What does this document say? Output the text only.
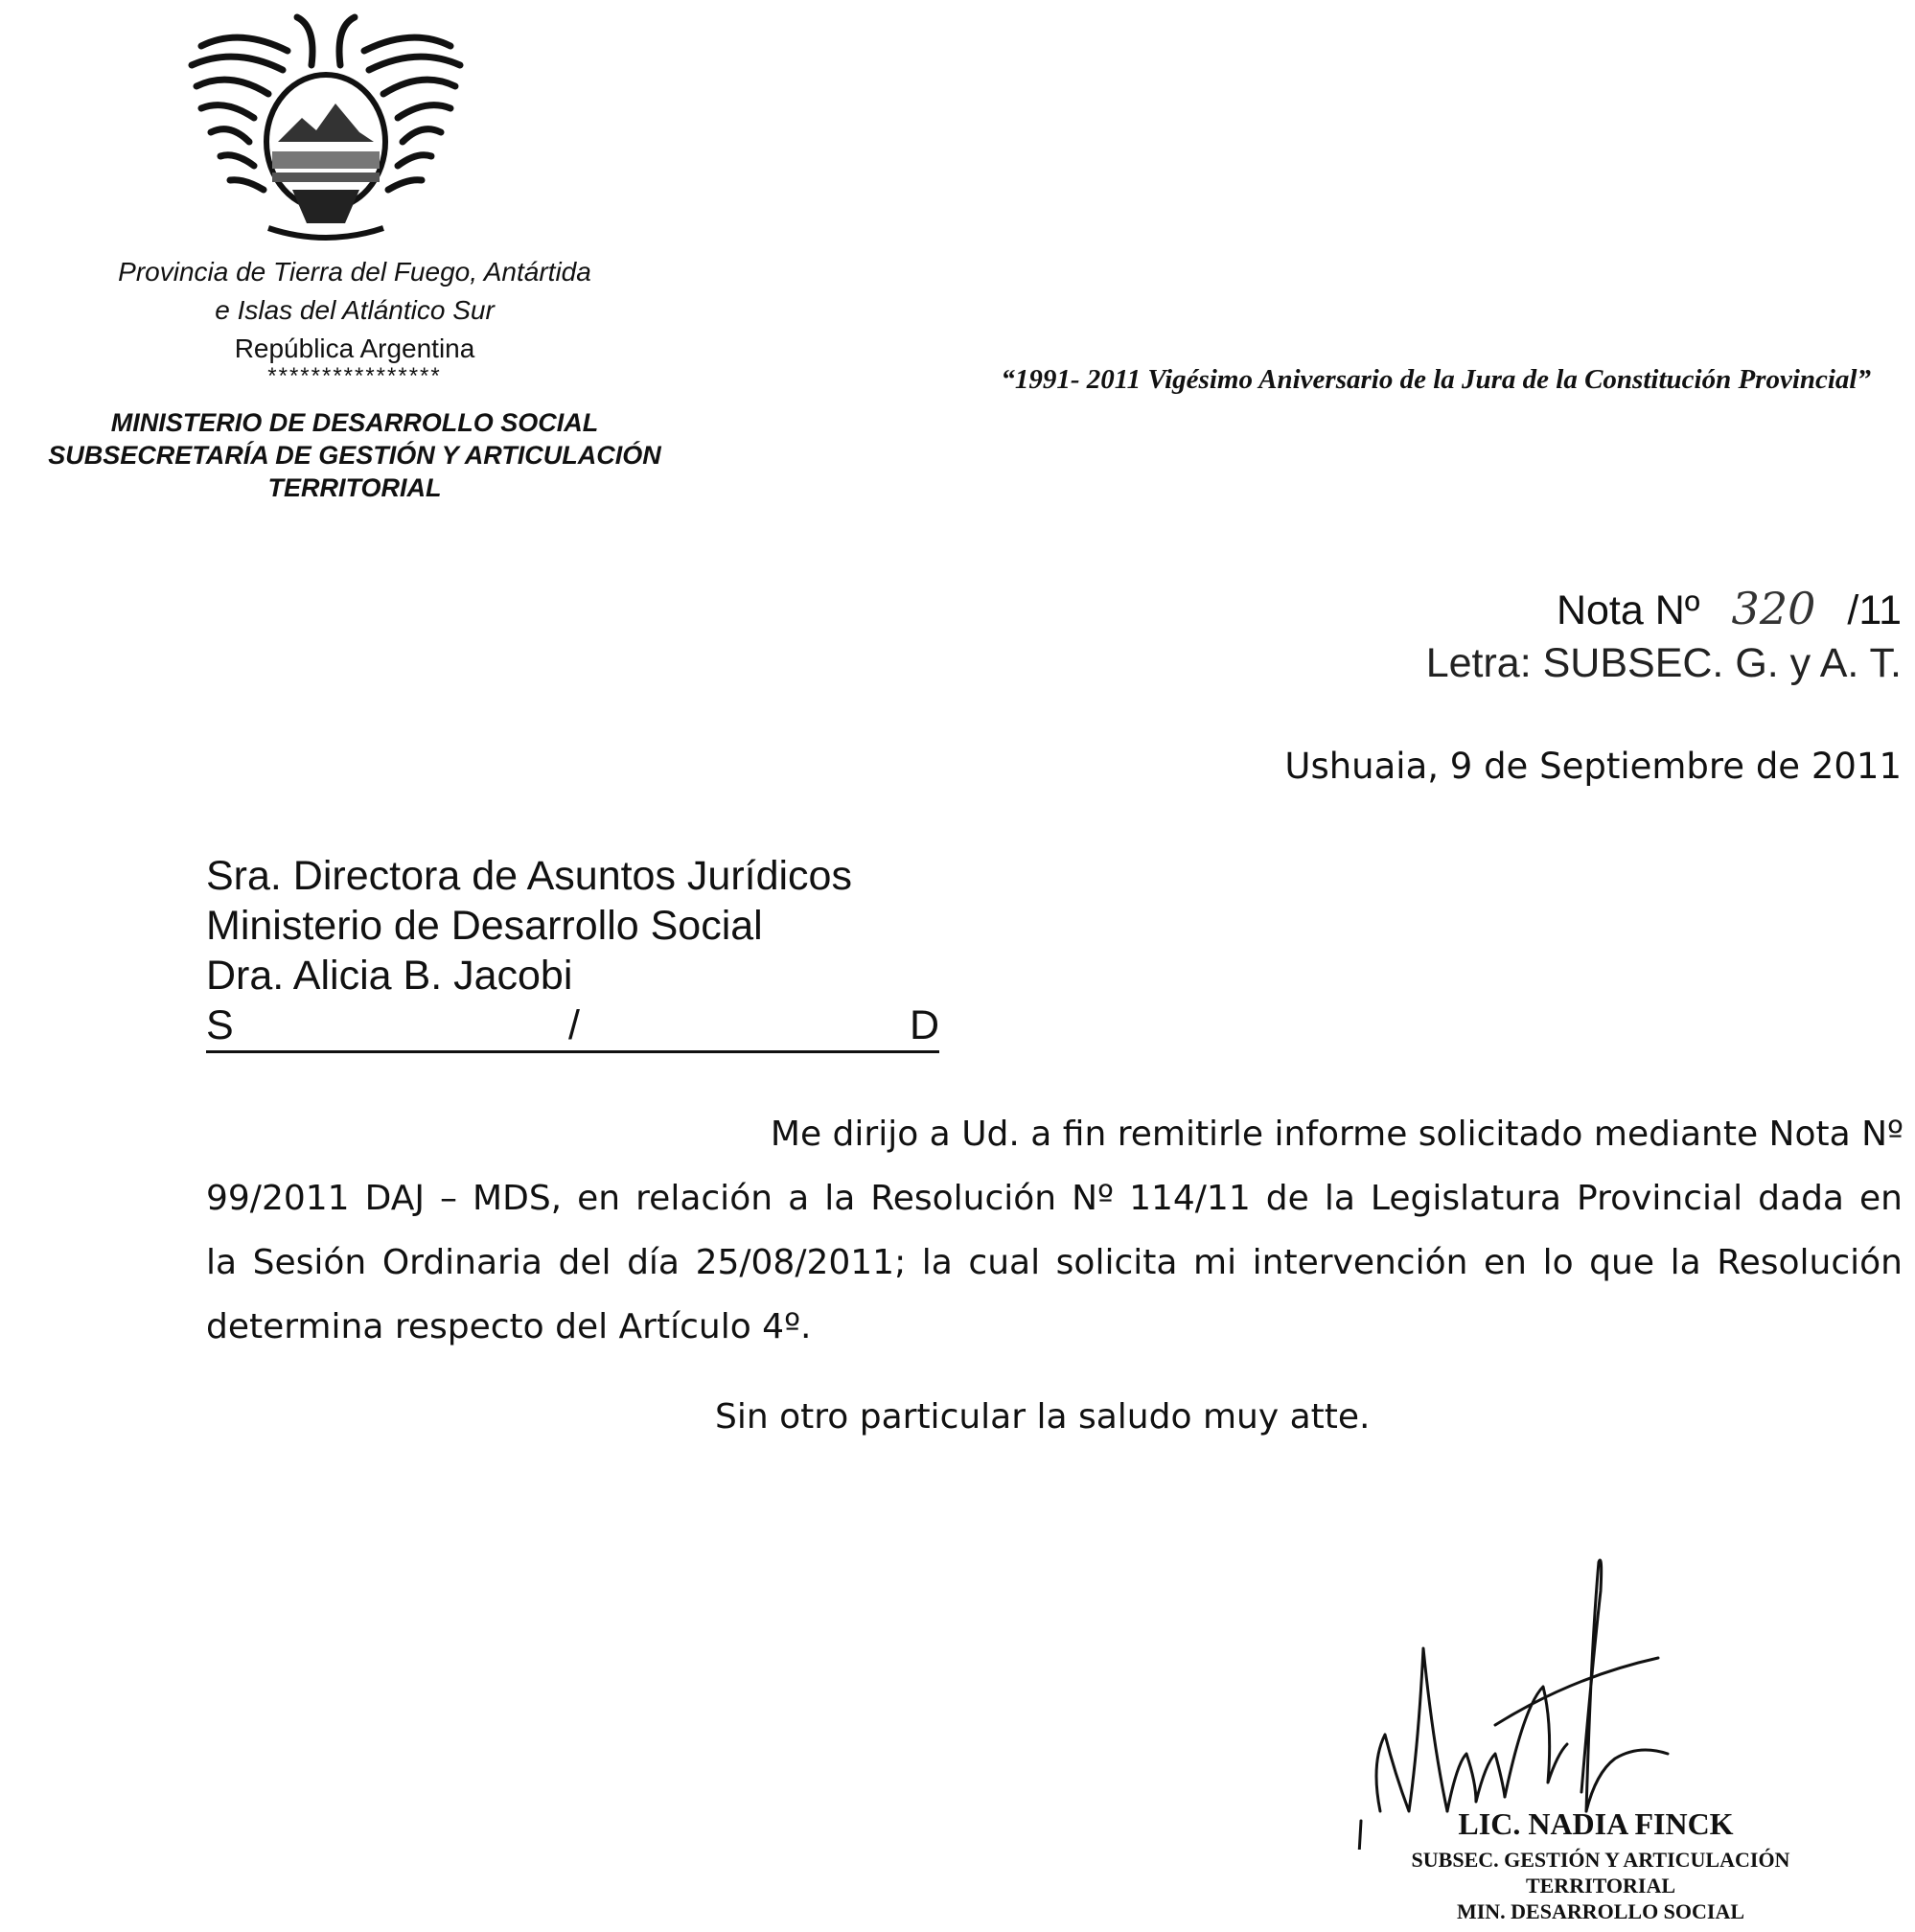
Provincia de Tierra del Fuego, Antártida
e Islas del Atlántico Sur
República Argentina
****************
MINISTERIO DE DESARROLLO SOCIAL
SUBSECRETARÍA DE GESTIÓN Y ARTICULACIÓN
TERRITORIAL
“1991- 2011 Vigésimo Aniversario de la Jura de la Constitución Provincial”
Nota Nº 320 /11
Letra: SUBSEC. G. y A. T.
Ushuaia, 9 de Septiembre de 2011
Sra. Directora de Asuntos Jurídicos
Ministerio de Desarrollo Social
Dra. Alicia B. Jacobi
S	/	D
Me dirijo a Ud. a fin remitirle informe solicitado mediante Nota Nº
99/2011 DAJ – MDS, en relación a la Resolución Nº 114/11 de la Legislatura Provincial dada en
la Sesión Ordinaria del día 25/08/2011; la cual solicita mi intervención en lo que la Resolución
determina respecto del Artículo 4º.
Sin otro particular la saludo muy atte.
LIC. NADIA FINCK
SUBSEC. GESTIÓN Y ARTICULACIÓN
TERRITORIAL
MIN. DESARROLLO SOCIAL
